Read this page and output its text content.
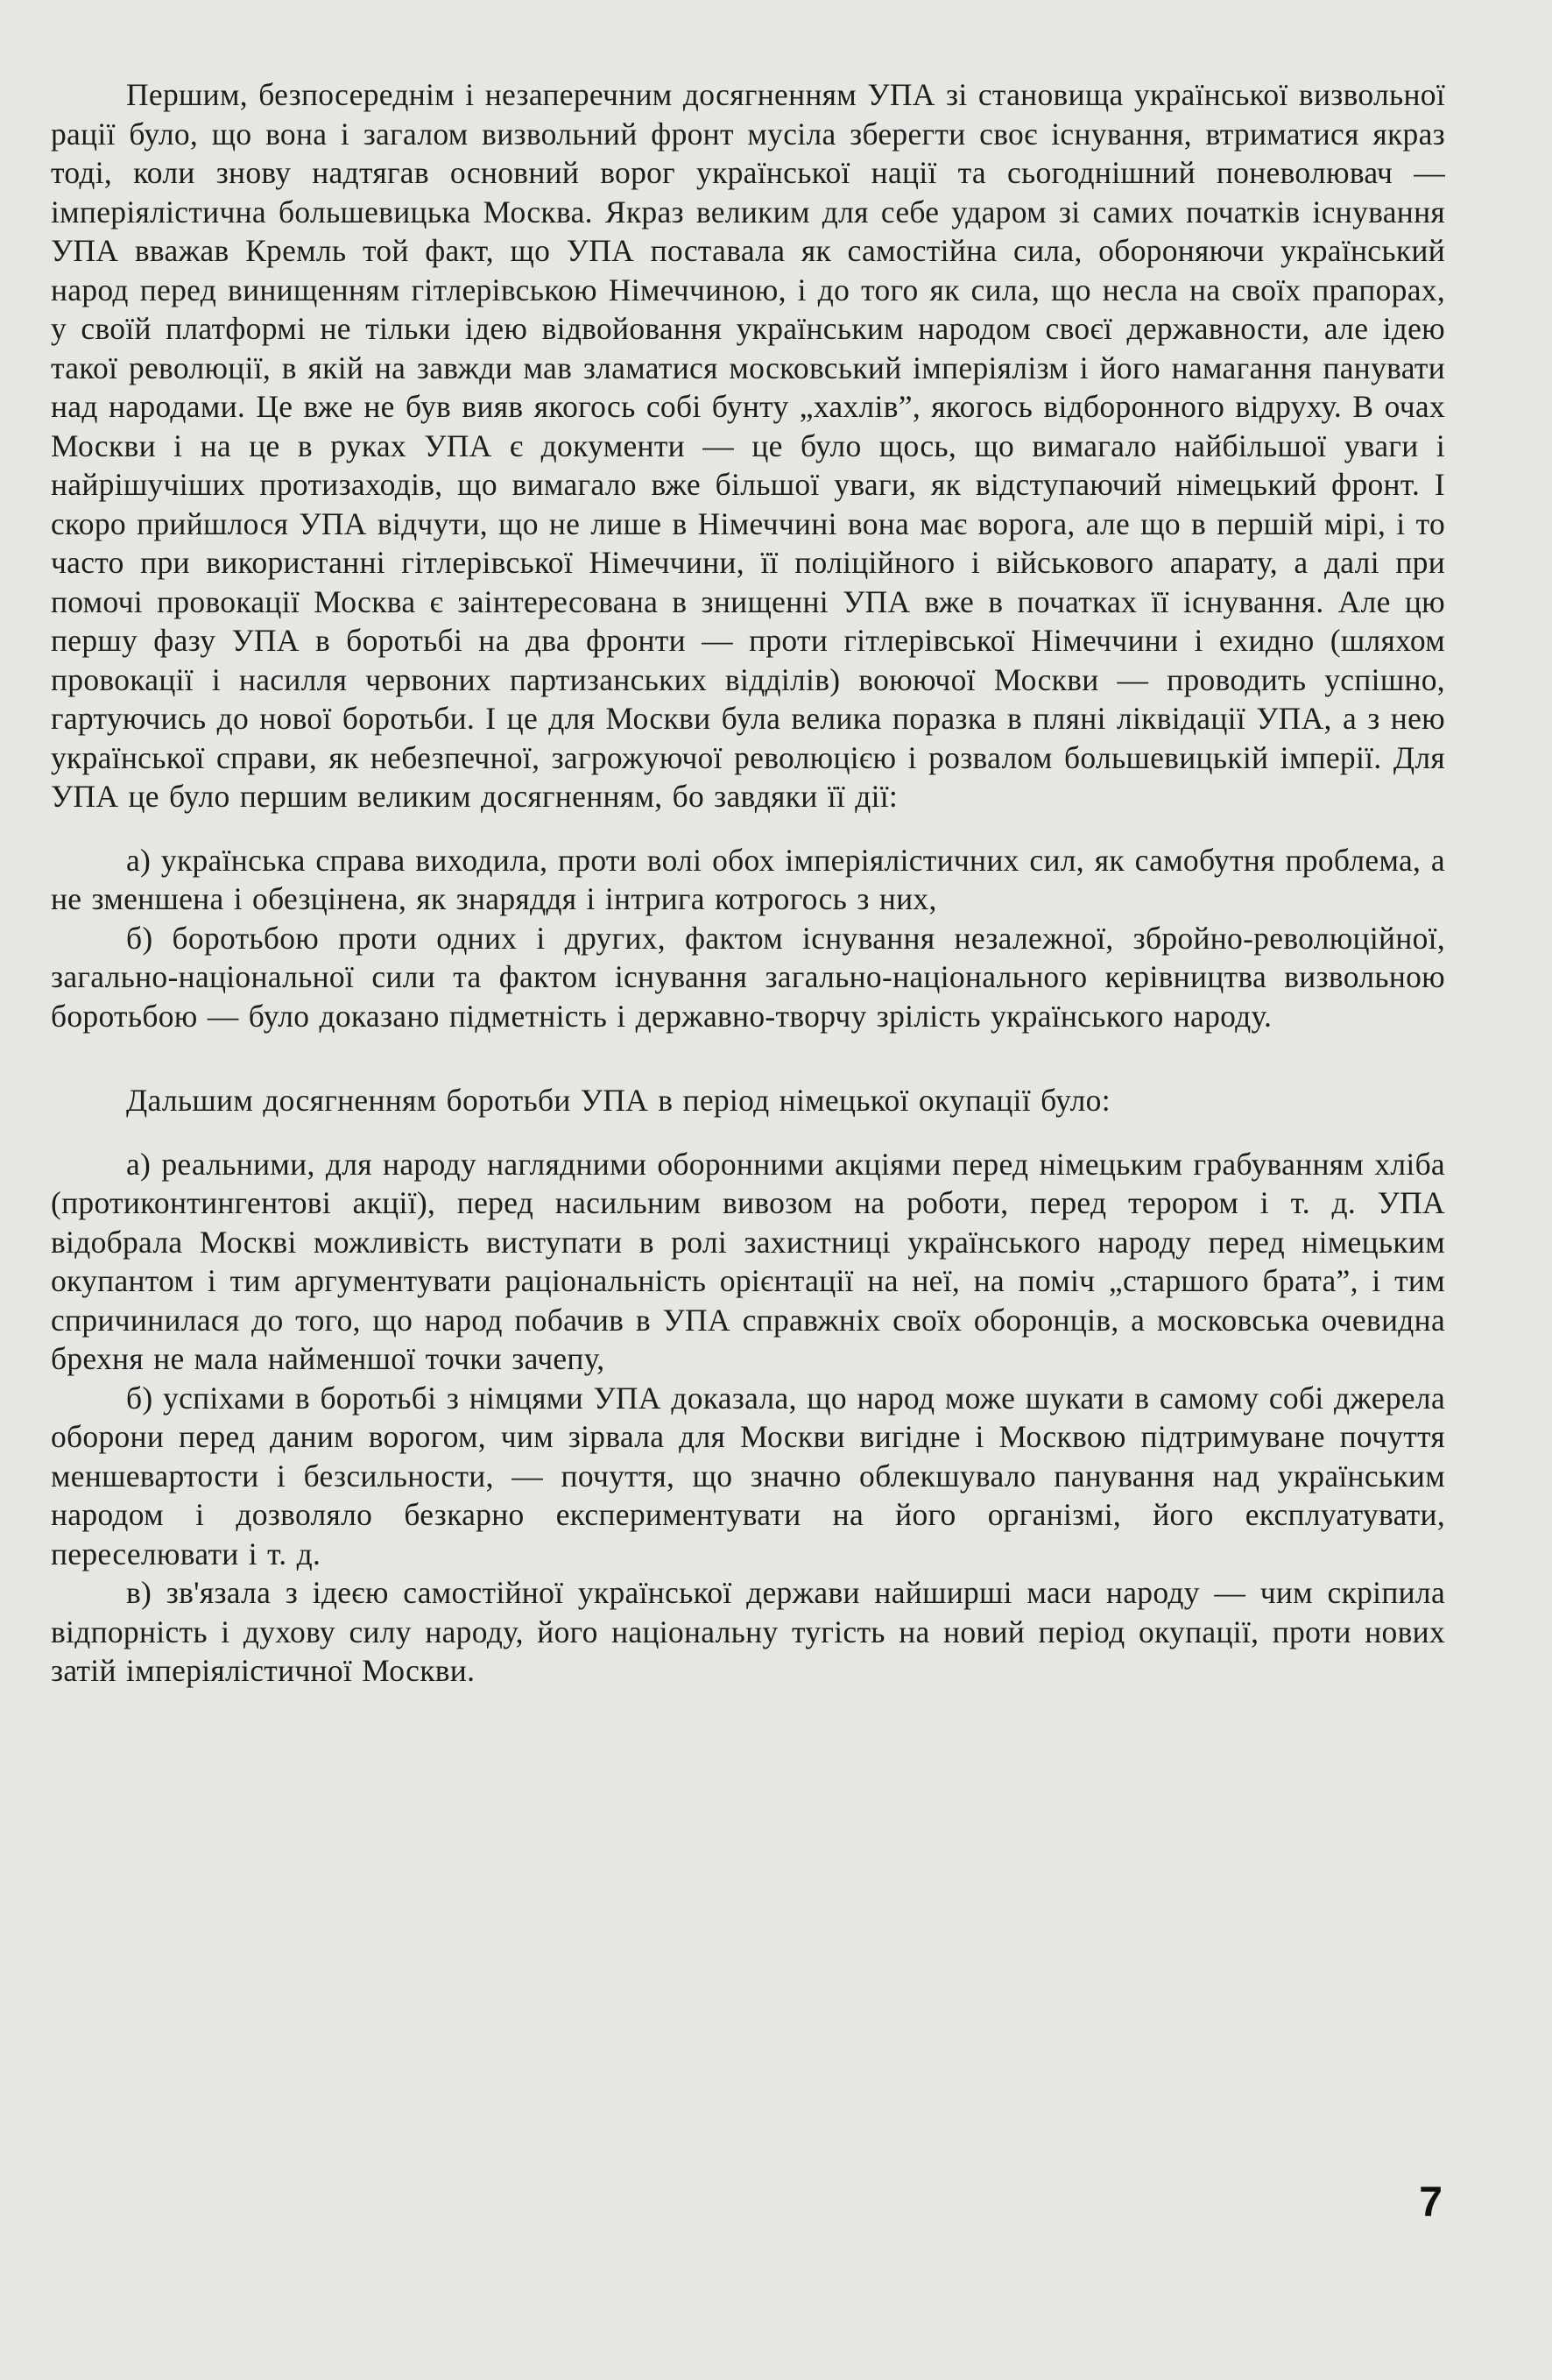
Першим, безпосереднім і незаперечним досягненням УПА зі становища української визвольної рації було, що вона і загалом визвольний фронт мусіла зберегти своє існування, втриматися якраз тоді, коли знову надтягав основний ворог української нації та сьогоднішний поневолювач — імперіялістична большевицька Москва. Якраз великим для себе ударом зі самих початків існування УПА вважав Кремль той факт, що УПА поставала як самостійна сила, обороняючи український народ перед винищенням гітлерівською Німеччиною, і до того як сила, що несла на своїх прапорах, у своїй платформі не тільки ідею відвойовання українським народом своєї державности, але ідею такої революції, в якій на завжди мав зламатися московський імперіялізм і його намагання панувати над народами. Це вже не був вияв якогось собі бунту „хахлів”, якогось відборонного відруху. В очах Москви і на це в руках УПА є документи — це було щось, що вимагало найбільшої уваги і найрішучіших протизаходів, що вимагало вже більшої уваги, як відступаючий німецький фронт. І скоро прийшлося УПА відчути, що не лише в Німеччині вона має ворога, але що в першій мірі, і то часто при використанні гітлерівської Німеччини, її поліційного і військового апарату, а далі при помочі провокації Москва є заінтересована в знищенні УПА вже в початках її існування. Але цю першу фазу УПА в боротьбі на два фронти — проти гітлерівської Німеччини і ехидно (шляхом провокації і насилля червоних партизанських відділів) воюючої Москви — проводить успішно, гартуючись до нової боротьби. І це для Москви була велика поразка в пляні ліквідації УПА, а з нею української справи, як небезпечної, загрожуючої революцією і розвалом большевицькій імперії. Для УПА це було першим великим досягненням, бо завдяки її дії:

а) українська справа виходила, проти волі обох імперіялістичних сил, як самобутня проблема, а не зменшена і обезцінена, як знаряддя і інтрига котрогось з них,

б) боротьбою проти одних і других, фактом існування незалежної, збройно-революційної, загально-національної сили та фактом існування загально-національного керівництва визвольною боротьбою — було доказано підметність і державно-творчу зрілість українського народу.

Дальшим досягненням боротьби УПА в період німецької окупації було:

а) реальними, для народу наглядними оборонними акціями перед німецьким грабуванням хліба (протиконтингентові акції), перед насильним вивозом на роботи, перед терором і т. д. УПА відобрала Москві можливість виступати в ролі захистниці українського народу перед німецьким окупантом і тим аргументувати раціональність орієнтації на неї, на поміч „старшого брата”, і тим спричинилася до того, що народ побачив в УПА справжніх своїх оборонців, а московська очевидна брехня не мала найменшої точки зачепу,

б) успіхами в боротьбі з німцями УПА доказала, що народ може шукати в самому собі джерела оборони перед даним ворогом, чим зірвала для Москви вигідне і Москвою підтримуване почуття меншевартости і безсильности, — почуття, що значно облекшувало панування над українським народом і дозволяло безкарно експериментувати на його організмі, його експлуатувати, переселювати і т. д.

в) зв'язала з ідеєю самостійної української держави найширші маси народу — чим скріпила відпорність і духову силу народу, його національну тугість на новий період окупації, проти нових затій імперіялістичної Москви.

7
